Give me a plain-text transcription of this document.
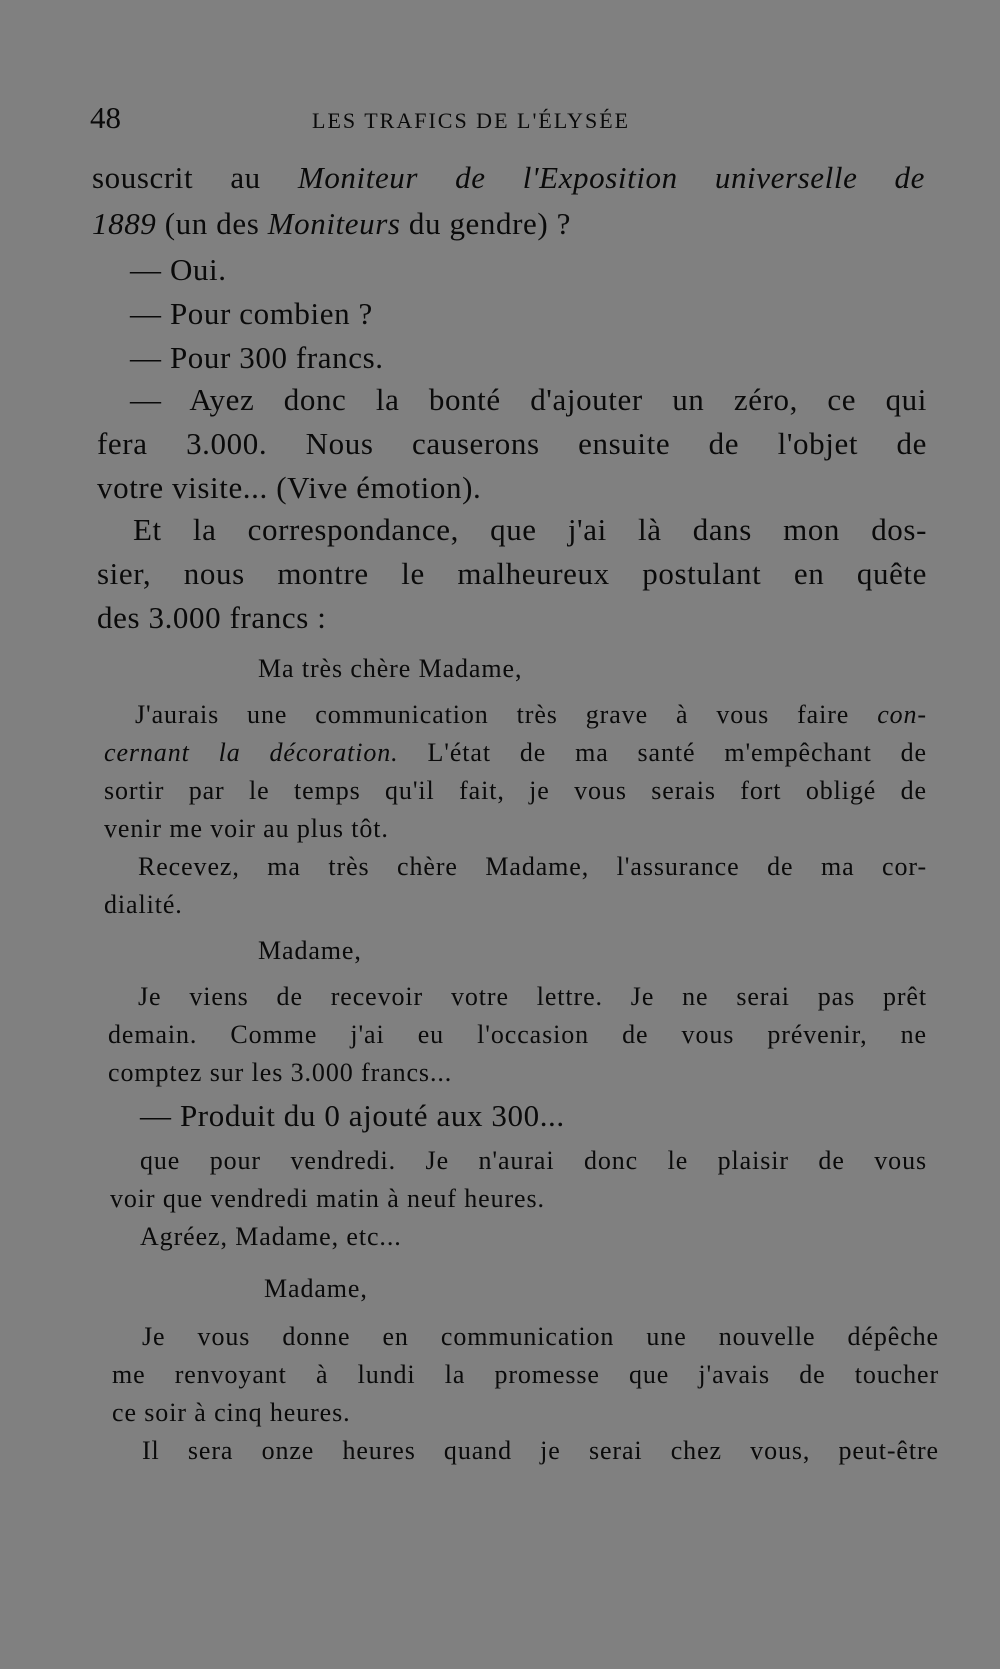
48	LES TRAFICS DE L'ÉLYSÉE
souscrit au Moniteur de l'Exposition universelle de
1889 (un des Moniteurs du gendre) ?
— Oui.
— Pour combien ?
— Pour 300 francs.
— Ayez donc la bonté d'ajouter un zéro, ce qui
fera 3.000. Nous causerons ensuite de l'objet de
votre visite... (Vive émotion).
Et la correspondance, que j'ai là dans mon dos-
sier, nous montre le malheureux postulant en quête
des 3.000 francs :
Ma très chère Madame,
J'aurais une communication très grave à vous faire con-
cernant la décoration. L'état de ma santé m'empêchant de
sortir par le temps qu'il fait, je vous serais fort obligé de
venir me voir au plus tôt.
Recevez, ma très chère Madame, l'assurance de ma cor-
dialité.
Madame,
Je viens de recevoir votre lettre. Je ne serai pas prêt
demain. Comme j'ai eu l'occasion de vous prévenir, ne
comptez sur les 3.000 francs...
— Produit du 0 ajouté aux 300...
que pour vendredi. Je n'aurai donc le plaisir de vous
voir que vendredi matin à neuf heures.
Agréez, Madame, etc...
Madame,
Je vous donne en communication une nouvelle dépêche
me renvoyant à lundi la promesse que j'avais de toucher
ce soir à cinq heures.
Il sera onze heures quand je serai chez vous, peut-être
